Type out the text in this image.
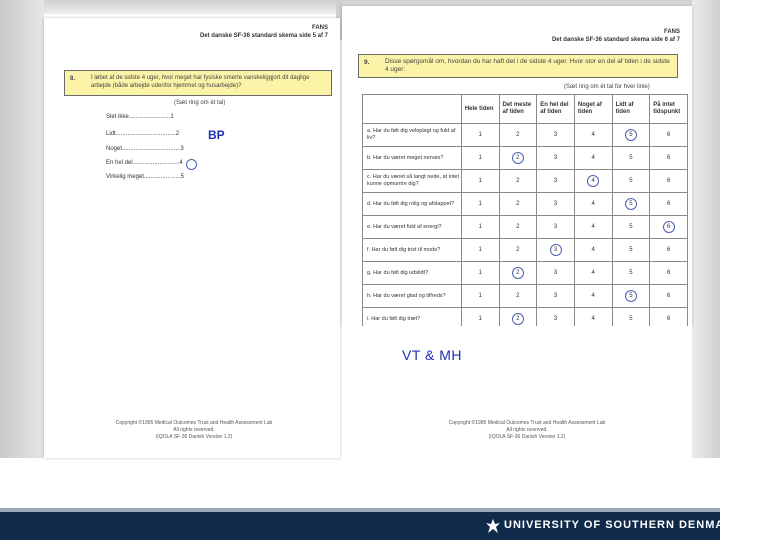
FANS
Det danske SF-36 standard skema side 5 af 7
8.	I løbet af de sidste 4 uger, hvor meget har fysiske smerte vanskeliggjort dit daglige arbejde (både arbejde udenfor hjemmet og husarbejde)?
(Sæt ring om ét tal)
Slet ikke.........................1
Lidt....................................2
Noget...................................3
En hel del............................4
Virkelig meget......................5
Copyright ©1995 Medical Outcomes Trust and Health Assessment Lab
All rights reserved.
(IQOLA SF-36 Danish Version 1.2)
BP
FANS
Det danske SF-36 standard skema side 6 af 7
9. Disse spørgsmål om, hvordan du har haft det i de sidste 4 uger. Hvor stor en del af tiden i de sidste 4 uger:
(Sæt ring om ét tal for hver linie)
	Hele tiden	Det meste af tiden	En hel del af tiden	Noget af tiden	Lidt af tiden	På intet tidspunkt
a. Har du følt dig veloplagt og fuld af liv?	1	2	3	4	5	6
b. Har du været meget nervøs?	1	2	3	4	5	6
c. Har du været så langt nede, at intet kunne opmuntre dig?	1	2	3	4	5	6
d. Har du følt dig rolig og afslappet?	1	2	3	4	5	6
e. Har du været fuld af energi?	1	2	3	4	5	6

f. Har du følt dig trist til mode?	1	2	3	4	5	6
g. Har du følt dig udslidt?	1	2	3	4	5	6
h. Har du været glad og tilfreds?	1	2	3	4	5	6
i. Har du følt dig træt?	1	2	3	4	5	6
Copyright ©1995 Medical Outcomes Trust and Health Assessment Lab
All rights reserved.
(IQOLA SF-36 Danish Version 1.2)
VT & MH
UNIVERSITY OF SOUTHERN DENMARK.DK
